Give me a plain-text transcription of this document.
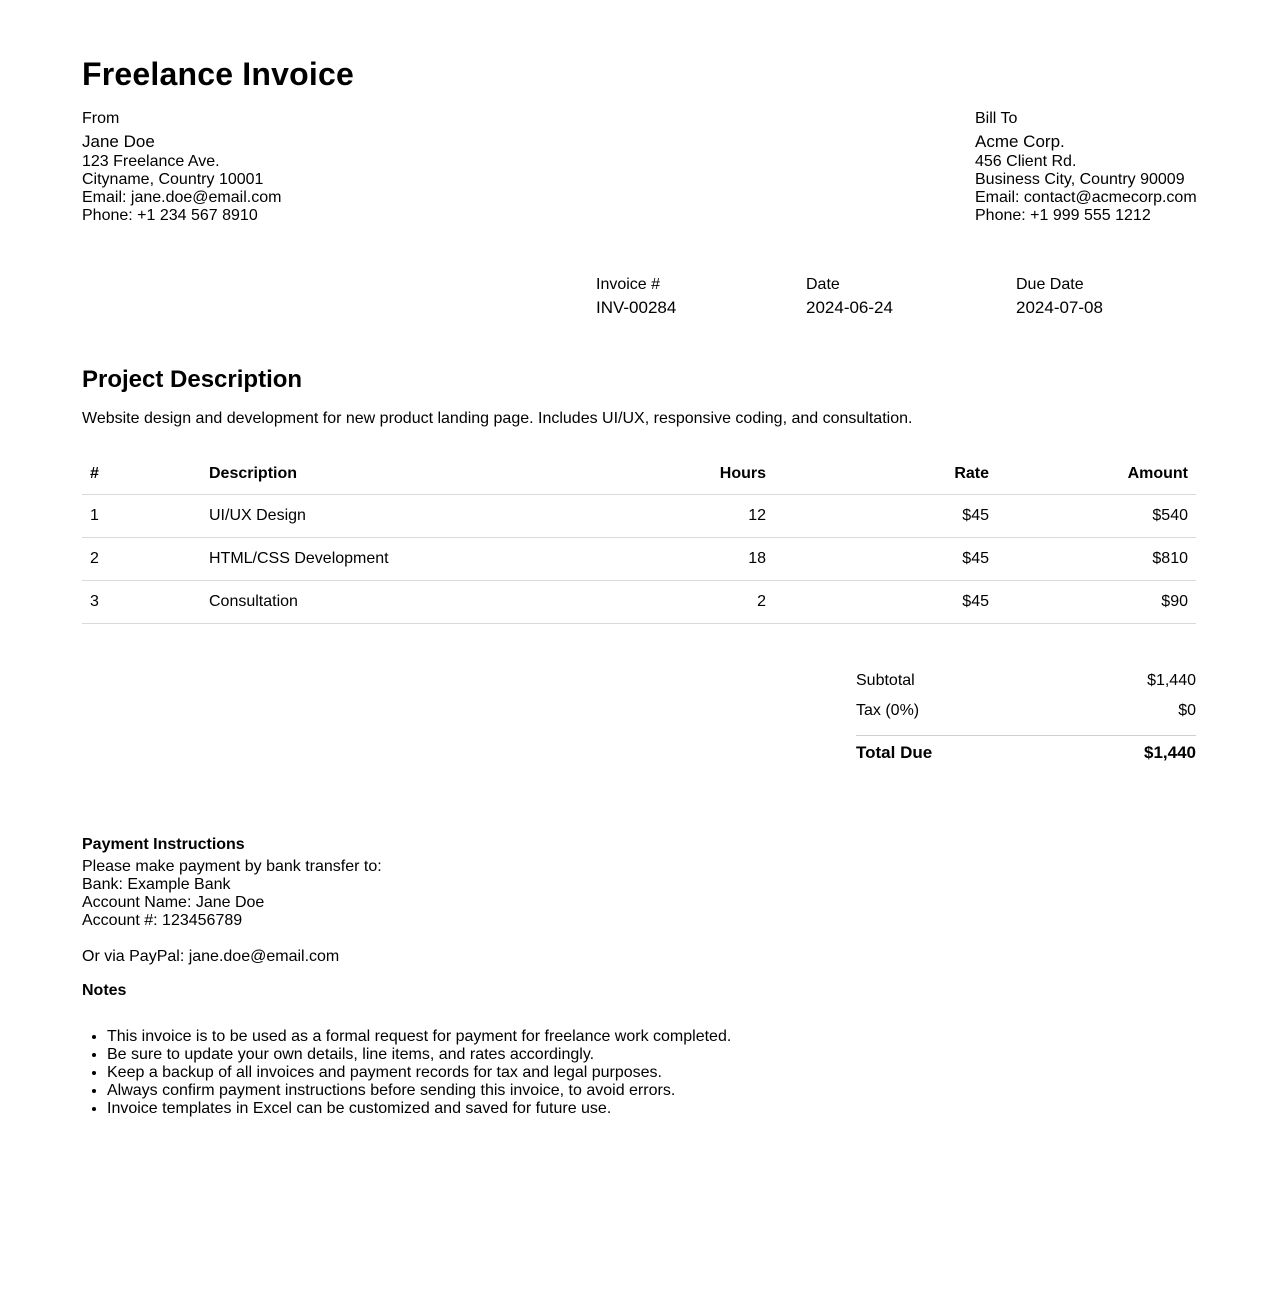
Freelance Invoice
From
Jane Doe
123 Freelance Ave.
Cityname, Country 10001
Email: jane.doe@email.com
Phone: +1 234 567 8910
Bill To
Acme Corp.
456 Client Rd.
Business City, Country 90009
Email: contact@acmecorp.com
Phone: +1 999 555 1212
Invoice #
INV-00284
Date
2024-06-24
Due Date
2024-07-08
Project Description
Website design and development for new product landing page. Includes UI/UX, responsive coding, and consultation.
#	Description	Hours	Rate	Amount
1	UI/UX Design	12	$45	$540
2	HTML/CSS Development	18	$45	$810
3	Consultation	2	$45	$90
Subtotal	$1,440
Tax (0%)	$0
Total Due	$1,440
Payment Instructions
Please make payment by bank transfer to:
Bank: Example Bank
Account Name: Jane Doe
Account #: 123456789
Or via PayPal: jane.doe@email.com
Notes
• This invoice is to be used as a formal request for payment for freelance work completed.
• Be sure to update your own details, line items, and rates accordingly.
• Keep a backup of all invoices and payment records for tax and legal purposes.
• Always confirm payment instructions before sending this invoice, to avoid errors.
• Invoice templates in Excel can be customized and saved for future use.
